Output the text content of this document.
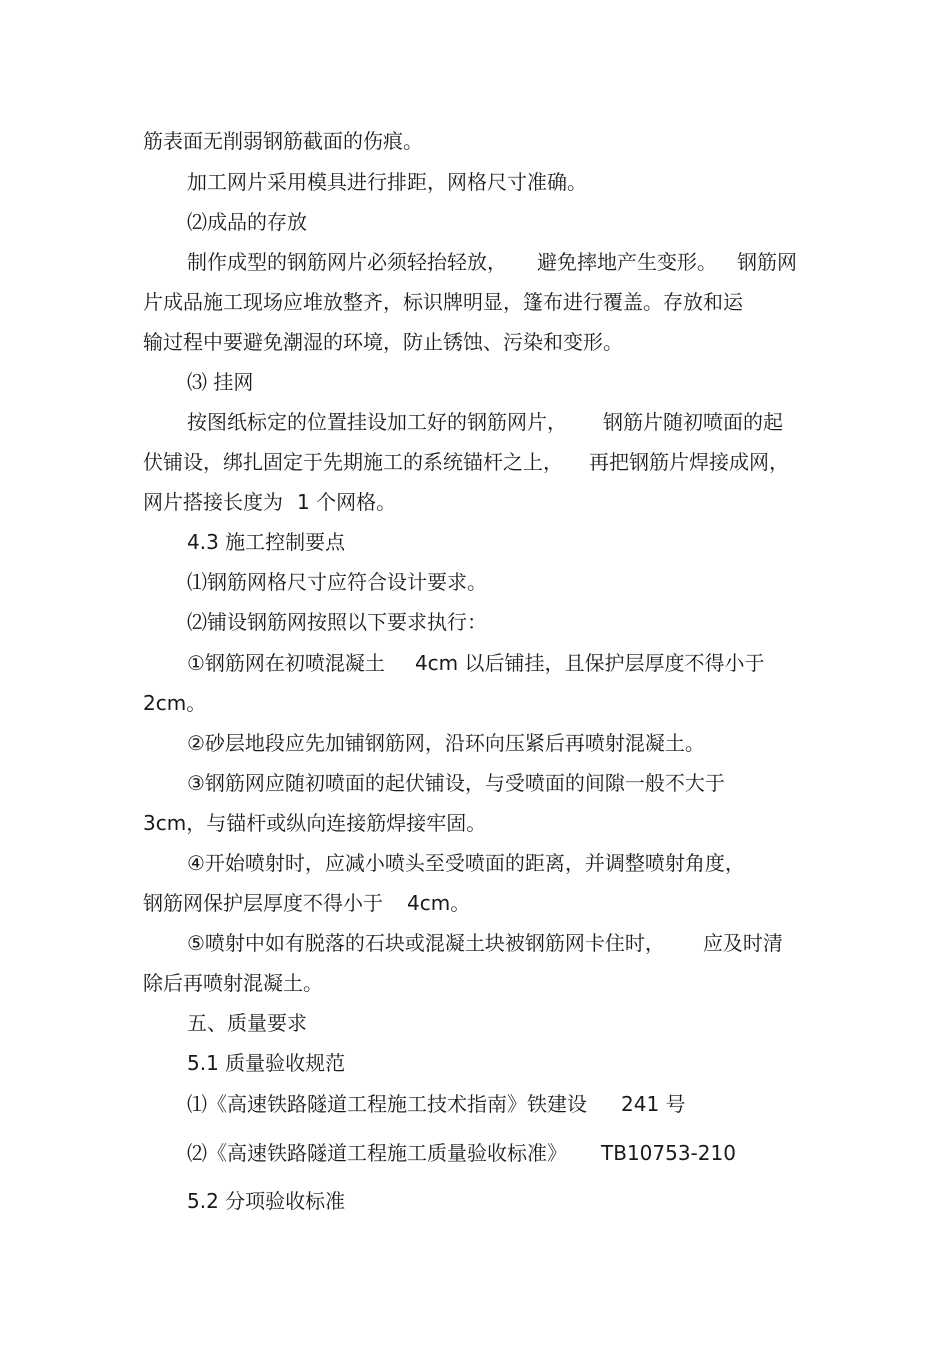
筋表面无削弱钢筋截面的伤痕。

加工网片采用模具进行排距，网格尺寸准确。

⑵成品的存放

制作成型的钢筋网片必须轻抬轻放， 避免摔地产生变形。 钢筋网

片成品施工现场应堆放整齐，标识牌明显，篷布进行覆盖。存放和运

输过程中要避免潮湿的环境，防止锈蚀、污染和变形。

⑶ 挂网

按图纸标定的位置挂设加工好的钢筋网片， 钢筋片随初喷面的起

伏铺设，绑扎固定于先期施工的系统锚杆之上， 再把钢筋片焊接成网，

网片搭接长度为 1 个网格。

4.3 施工控制要点

⑴钢筋网格尺寸应符合设计要求。

⑵铺设钢筋网按照以下要求执行：

①钢筋网在初喷混凝土 4cm 以后铺挂，且保护层厚度不得小于

2cm。

②砂层地段应先加铺钢筋网，沿环向压紧后再喷射混凝土。

③钢筋网应随初喷面的起伏铺设，与受喷面的间隙一般不大于

3cm，与锚杆或纵向连接筋焊接牢固。

④开始喷射时，应减小喷头至受喷面的距离，并调整喷射角度，

钢筋网保护层厚度不得小于 4cm。

⑤喷射中如有脱落的石块或混凝土块被钢筋网卡住时， 应及时清

除后再喷射混凝土。

五、质量要求

5.1 质量验收规范

⑴《高速铁路隧道工程施工技术指南》铁建设 241 号

⑵《高速铁路隧道工程施工质量验收标准》 TB10753-210

5.2 分项验收标准
